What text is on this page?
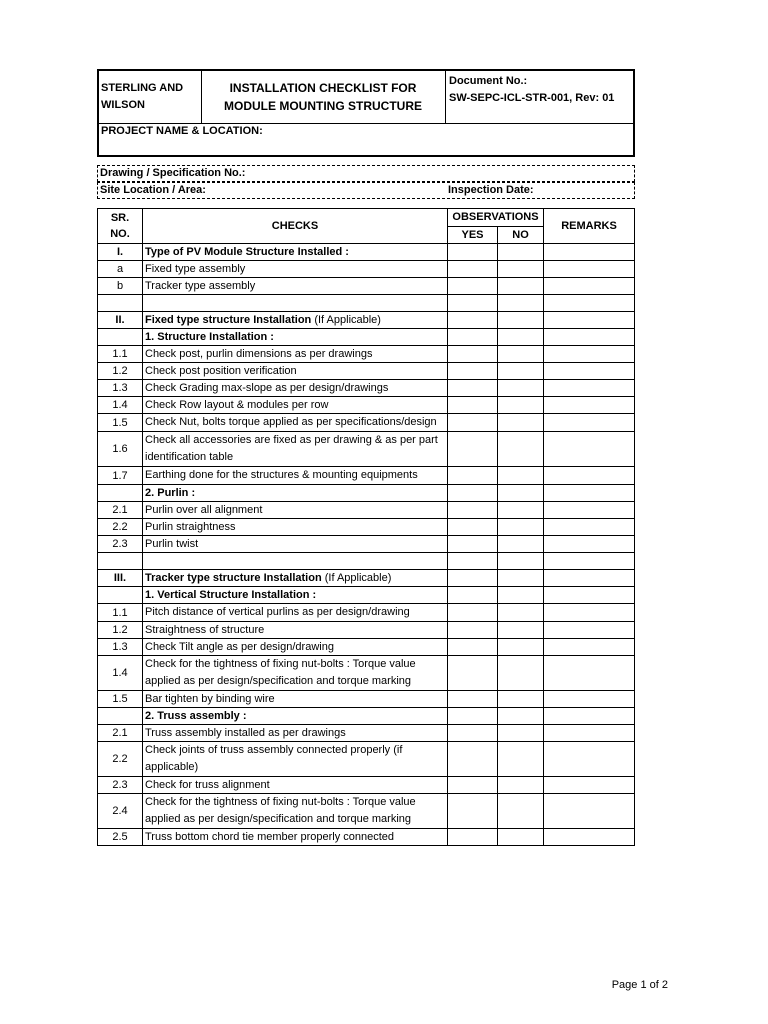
STERLING AND WILSON
INSTALLATION CHECKLIST FOR MODULE MOUNTING STRUCTURE
Document No.:
SW-SEPC-ICL-STR-001, Rev: 01
PROJECT NAME & LOCATION:
Drawing / Specification No.:
Site Location / Area:	Inspection Date:
SR. NO.	CHECKS	OBSERVATIONS		REMARKS
		YES	NO	
I.	Type of PV Module Structure Installed :			
a	Fixed type assembly			
b	Tracker type assembly			

II.	Fixed type structure Installation (If Applicable)			
	1. Structure Installation :			
1.1	Check post, purlin dimensions as per drawings			
1.2	Check post position verification			
1.3	Check Grading max-slope as per design/drawings			
1.4	Check Row layout & modules per row			
1.5	Check Nut, bolts torque applied as per specifications/design			
1.6	Check all accessories are fixed as per drawing & as per part identification table			
1.7	Earthing done for the structures & mounting equipments			
	2. Purlin :			
2.1	Purlin over all alignment			
2.2	Purlin straightness			
2.3	Purlin twist			

III.	Tracker type structure Installation (If Applicable)			
	1. Vertical Structure Installation :			
1.1	Pitch distance of vertical purlins as per design/drawing			
1.2	Straightness of structure			
1.3	Check Tilt angle as per design/drawing			
1.4	Check for the tightness of fixing nut-bolts : Torque value applied as per design/specification and torque marking			
1.5	Bar tighten by binding wire			
	2. Truss assembly :			
2.1	Truss assembly installed as per drawings			
2.2	Check joints of truss assembly connected properly (if applicable)			
2.3	Check for truss alignment			
2.4	Check for the tightness of fixing nut-bolts : Torque value applied as per design/specification and torque marking			
2.5	Truss bottom chord tie member properly connected			
Page 1 of 2
